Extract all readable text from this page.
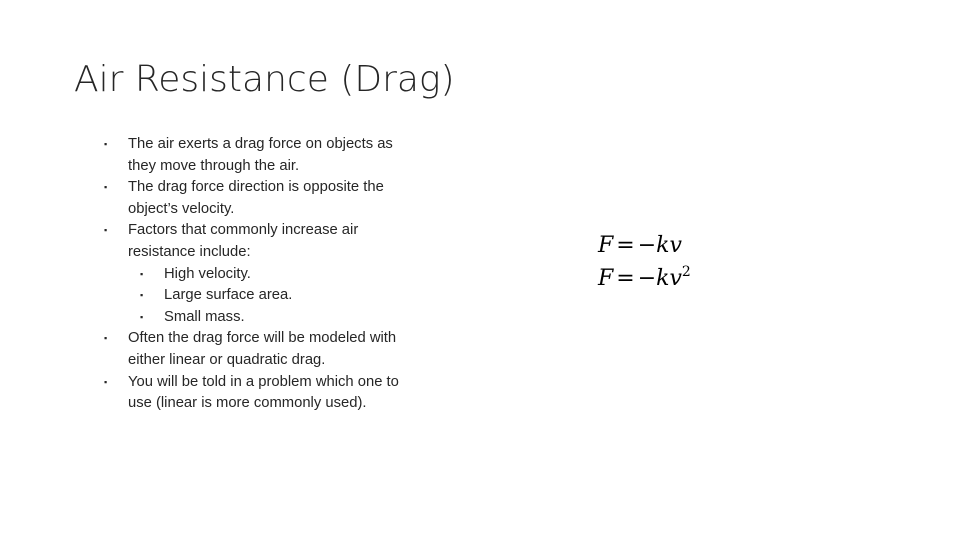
Air Resistance (Drag)
▪	The air exerts a drag force on objects as
they move through the air.
▪	The drag force direction is opposite the
object’s velocity.
▪	Factors that commonly increase air
resistance include:
▪	High velocity.
▪	Large surface area.
▪	Small mass.
▪	Often the drag force will be modeled with
either linear or quadratic drag.
▪	You will be told in a problem which one to
use (linear is more commonly used).
F = −kv
$F = -kv^2$
